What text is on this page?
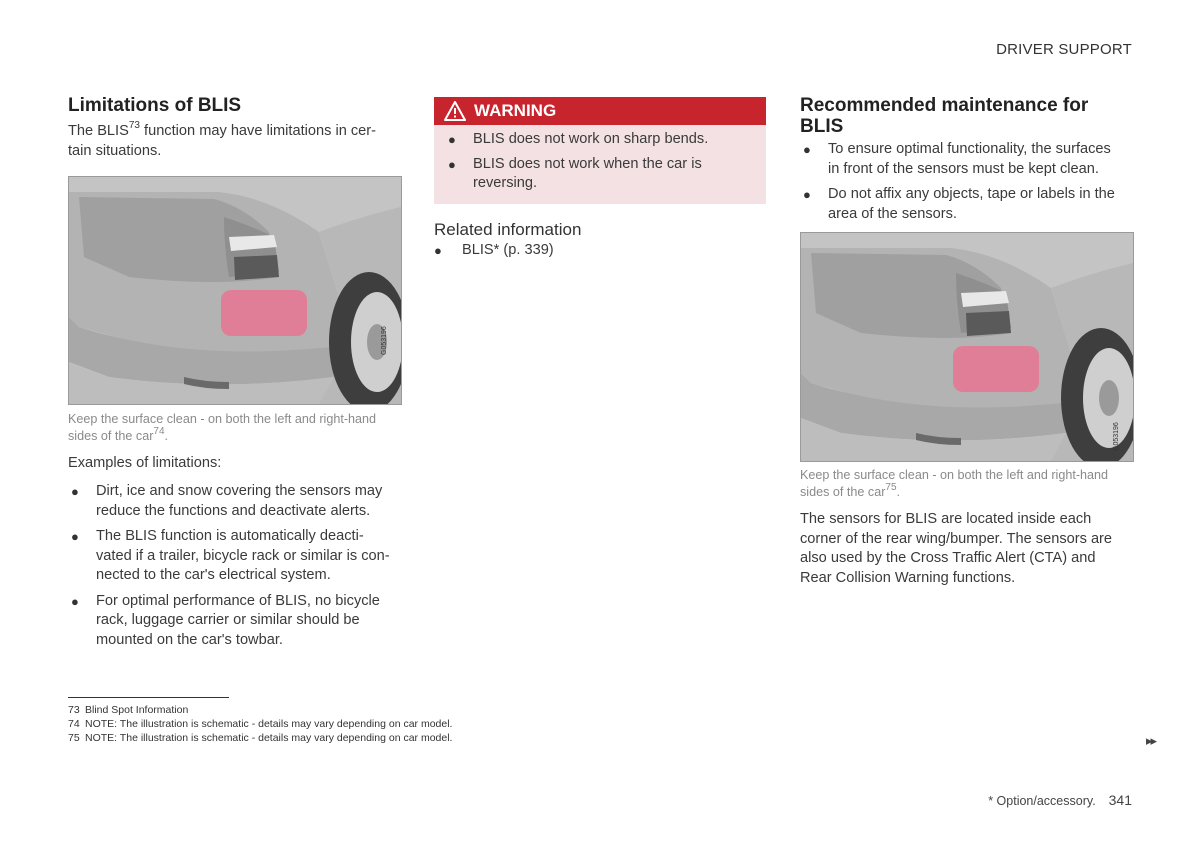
DRIVER SUPPORT
Limitations of BLIS
The BLIS$^{73}$ function may have limitations in cer-
tain situations.
G053196
Keep the surface clean - on both the left and right-hand
sides of the car$^{74}$.
Examples of limitations:
● Dirt, ice and snow covering the sensors may
reduce the functions and deactivate alerts.
● The BLIS function is automatically deacti-
vated if a trailer, bicycle rack or similar is con-
nected to the car's electrical system.
● For optimal performance of BLIS, no bicycle
rack, luggage carrier or similar should be
mounted on the car's towbar.
WARNING
● BLIS does not work on sharp bends.
● BLIS does not work when the car is
reversing.
Related information
● BLIS* (p. 339)
Recommended maintenance for
BLIS
● To ensure optimal functionality, the surfaces
in front of the sensors must be kept clean.
● Do not affix any objects, tape or labels in the
area of the sensors.
G053196
Keep the surface clean - on both the left and right-hand
sides of the car$^{75}$.
The sensors for BLIS are located inside each
corner of the rear wing/bumper. The sensors are
also used by the Cross Traffic Alert (CTA) and
Rear Collision Warning functions.
73 Blind Spot Information
74 NOTE: The illustration is schematic - details may vary depending on car model.
75 NOTE: The illustration is schematic - details may vary depending on car model.	▸▸
* Option/accessory. 341
